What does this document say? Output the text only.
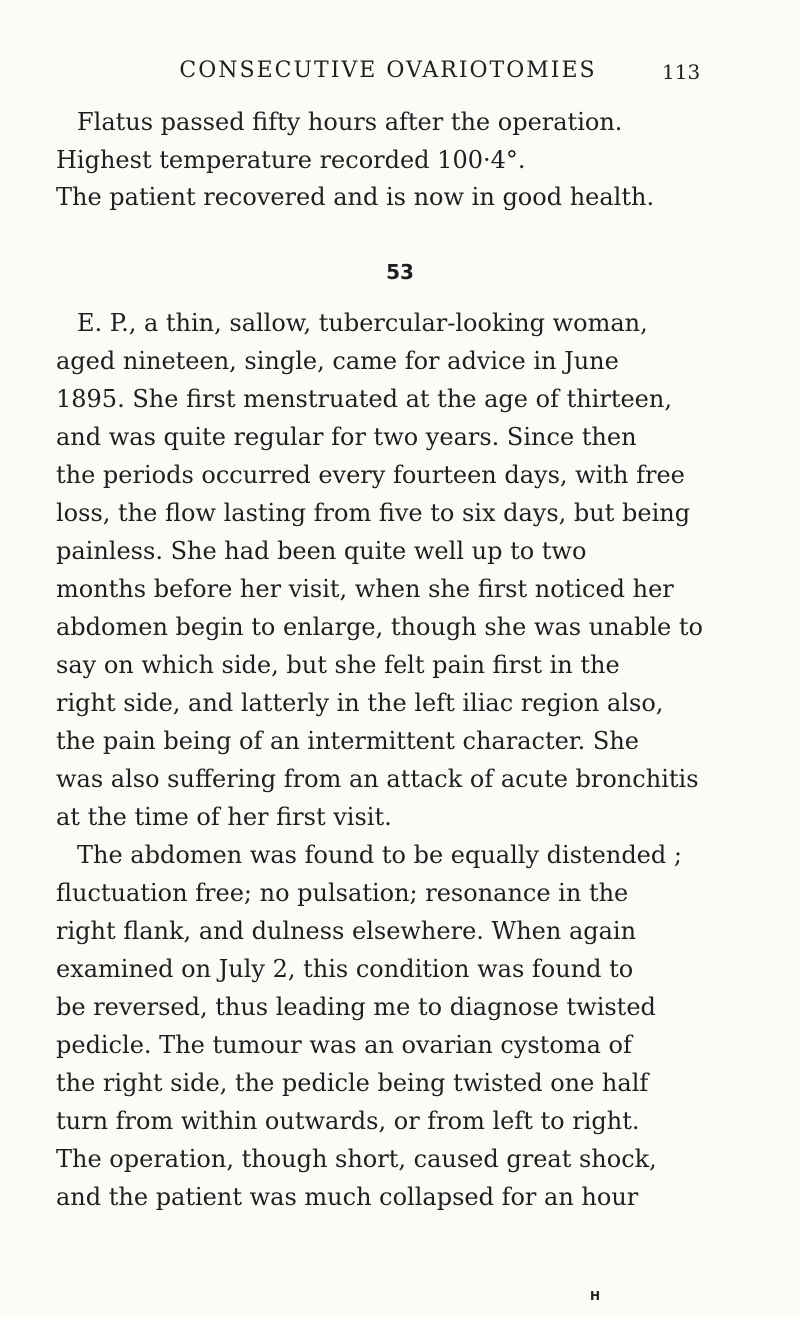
CONSECUTIVE OVARIOTOMIES	113
Flatus passed fifty hours after the operation.
Highest temperature recorded 100·4°.
The patient recovered and is now in good health.
53
E. P., a thin, sallow, tubercular-looking woman,
aged nineteen, single, came for advice in June
1895. She first menstruated at the age of thirteen,
and was quite regular for two years. Since then
the periods occurred every fourteen days, with free
loss, the flow lasting from five to six days, but being
painless. She had been quite well up to two
months before her visit, when she first noticed her
abdomen begin to enlarge, though she was unable to
say on which side, but she felt pain first in the
right side, and latterly in the left iliac region also,
the pain being of an intermittent character. She
was also suffering from an attack of acute bronchitis
at the time of her first visit.
The abdomen was found to be equally distended ;
fluctuation free; no pulsation; resonance in the
right flank, and dulness elsewhere. When again
examined on July 2, this condition was found to
be reversed, thus leading me to diagnose twisted
pedicle. The tumour was an ovarian cystoma of
the right side, the pedicle being twisted one half
turn from within outwards, or from left to right.
The operation, though short, caused great shock,
and the patient was much collapsed for an hour
H
